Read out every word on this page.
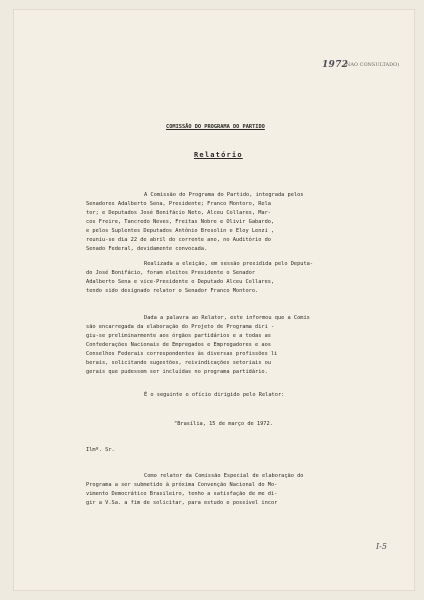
1972
(NAO CONSULTADO)
I-5
COMISSÃO DO PROGRAMA DO PARTIDO
Relatório
A Comissão do Programa do Partido, integrada pelos
Senadores Adalberto Sena, Presidente; Franco Montoro, Rela
tor; e Deputados José Bonifácio Neto, Alceu Collares, Mar-
cos Freire, Tancredo Neves, Freitas Nobre e Olivir Gabardo,
e pelos Suplentes Deputados Antônio Bresolin e Eloy Lenzi ,
reuniu-se dia 22 de abril do corrente ano, no Auditório do
Senado Federal, devidamente convocada.
Realizada a eleição, em sessão presidida pelo Deputa-
do José Bonifácio, foram eleitos Presidente o Senador
Adalberto Sena e vice-Presidente o Deputado Alceu Collares,
tendo sido designado relator o Senador Franco Montoro.
Dada a palavra ao Relator, este informou que a Comis
são encarregada da elaboração do Projeto de Programa diri -
giu-se preliminarmente aos órgãos partidários e a todas as
Confederações Nacionais de Empregados e Empregadores e aos
Conselhos Federais correspondentes às diversas profissões li
berais, solicitando sugestões, reivindicações setoriais ou
gerais que pudessem ser incluídas no programa partidário.
É o seguinte o ofício dirigido pelo Relator:
"Brasília, 15 de março de 1972.
Ilmº. Sr.
Como relator da Comissão Especial de elaboração do
Programa a ser submetido à próxima Convenção Nacional do Mo-
vimento Democrático Brasileiro, tenho a satisfação de me di-
gir a V.Sa. a fim de solicitar, para estudo e possível incor
